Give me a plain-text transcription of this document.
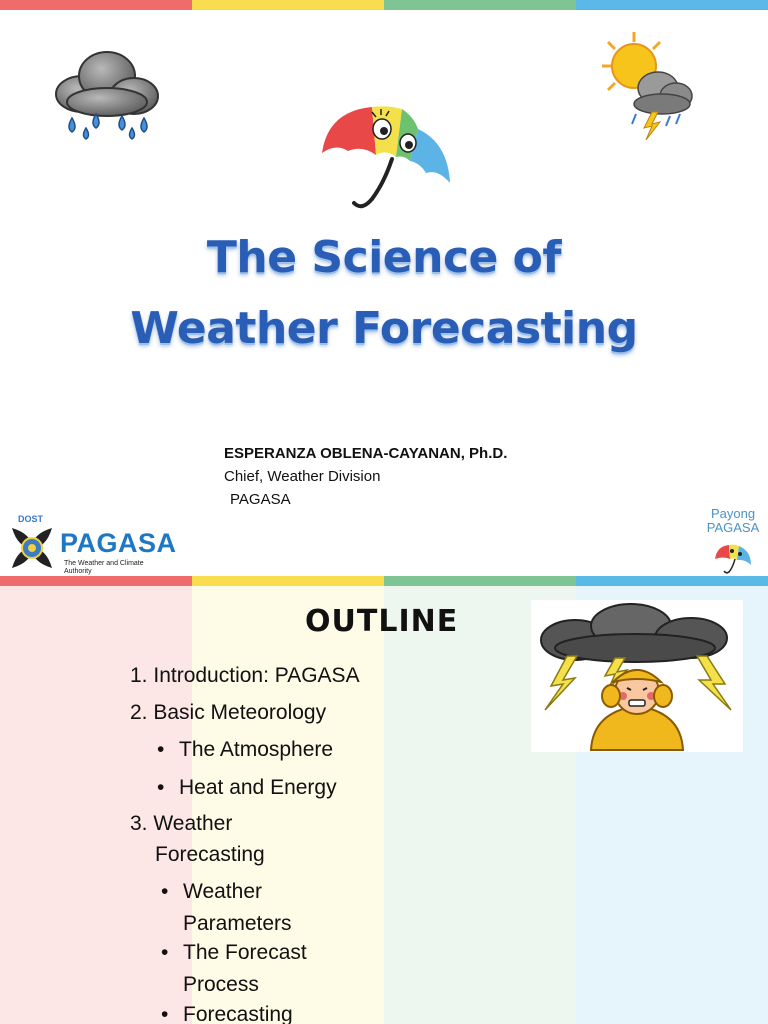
The Science of
Weather Forecasting
ESPERANZA OBLENA-CAYANAN, Ph.D.
Chief, Weather Division
PAGASA
DOST
PAGASA
The Weather and Climate Authority
Payong
PAGASA
OUTLINE
1. Introduction: PAGASA
2. Basic Meteorology
• The Atmosphere
• Heat and Energy
3. Weather
Forecasting
• Weather
Parameters
• The Forecast
Process
• Forecasting
